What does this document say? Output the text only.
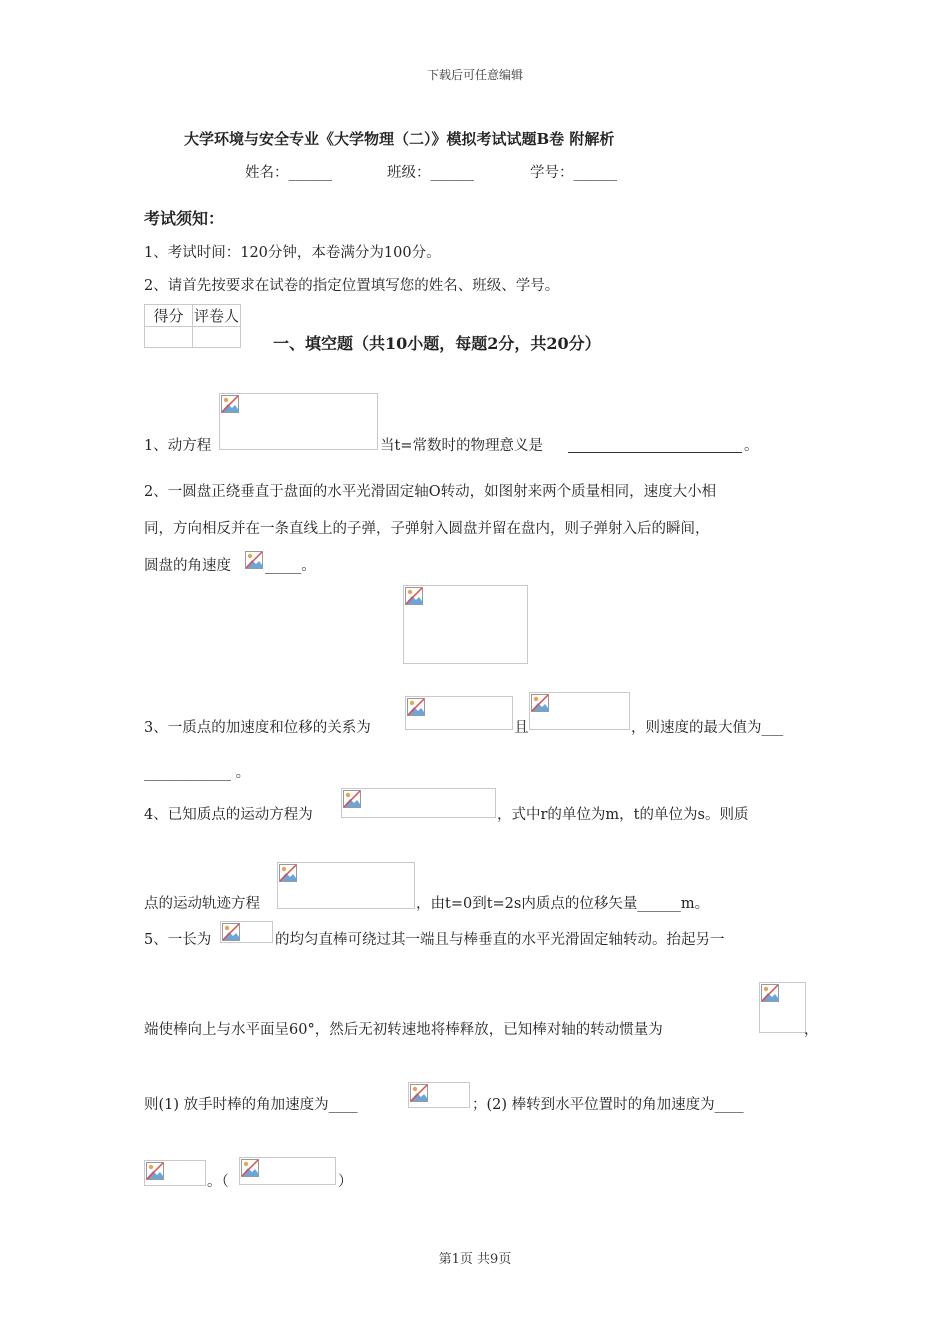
下载后可任意编辑
大学环境与安全专业《大学物理（二）》模拟考试试题B卷 附解析
姓名：______	班级：______	学号：______
考试须知：
1、考试时间：120分钟，本卷满分为100分。
2、请首先按要求在试卷的指定位置填写您的姓名、班级、学号。
得分	评卷人

一、填空题（共10小题，每题2分，共20分）
1、动方程	当t=常数时的物理意义是	。
2、一圆盘正绕垂直于盘面的水平光滑固定轴O转动，如图射来两个质量相同，速度大小相
同，方向相反并在一条直线上的子弹，子弹射入圆盘并留在盘内，则子弹射入后的瞬间，
圆盘的角速度 _____。
3、一质点的加速度和位移的关系为	且	，则速度的最大值为___
____________ 。
4、已知质点的运动方程为	，式中r的单位为m，t的单位为s。则质
点的运动轨迹方程	，由t=0到t=2s内质点的位移矢量______m。
5、一长为	的均匀直棒可绕过其一端且与棒垂直的水平光滑固定轴转动。抬起另一
端使棒向上与水平面呈60°，然后无初转速地将棒释放，已知棒对轴的转动惯量为	，
则(1) 放手时棒的角加速度为____	；(2) 棒转到水平位置时的角加速度为____
。（	）
第1页 共9页
